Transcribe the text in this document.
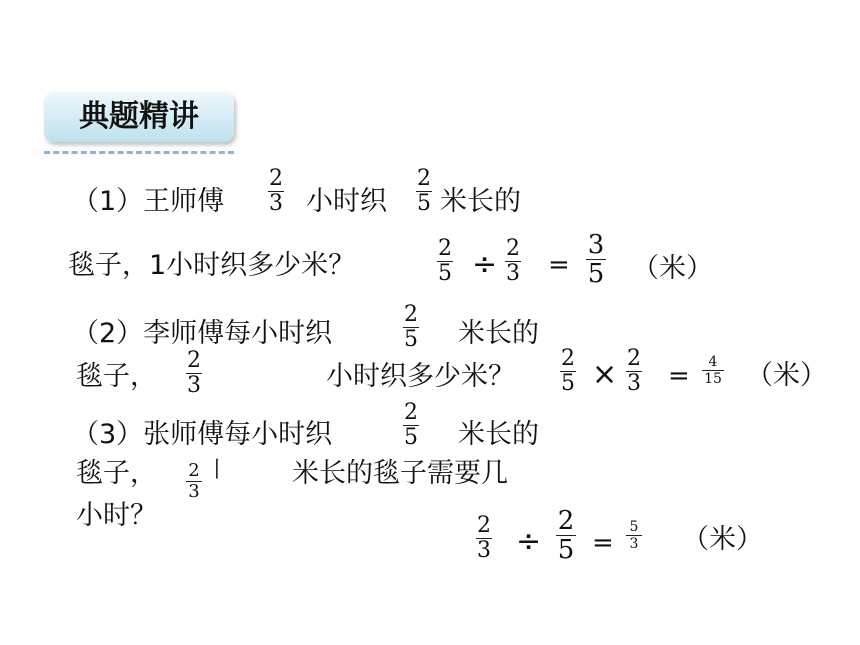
典题精讲
（1）王师傅
2
3 小时织
2
5 米长的
毯子，1小时织多少米？
2
5 ÷ 2
3 =
3
5 （米）
（2）李师傅每小时织
2
5 米长的
毯子，
2
3	小时织多少米？
2
5 × 2
3 = 4
15 （米）
（3）张师傅每小时织
2
5 米长的
毯子， 2
3
丨 米长的毯子需要几
小时？	2
3 ÷
2
5 =
5
3 （米）
